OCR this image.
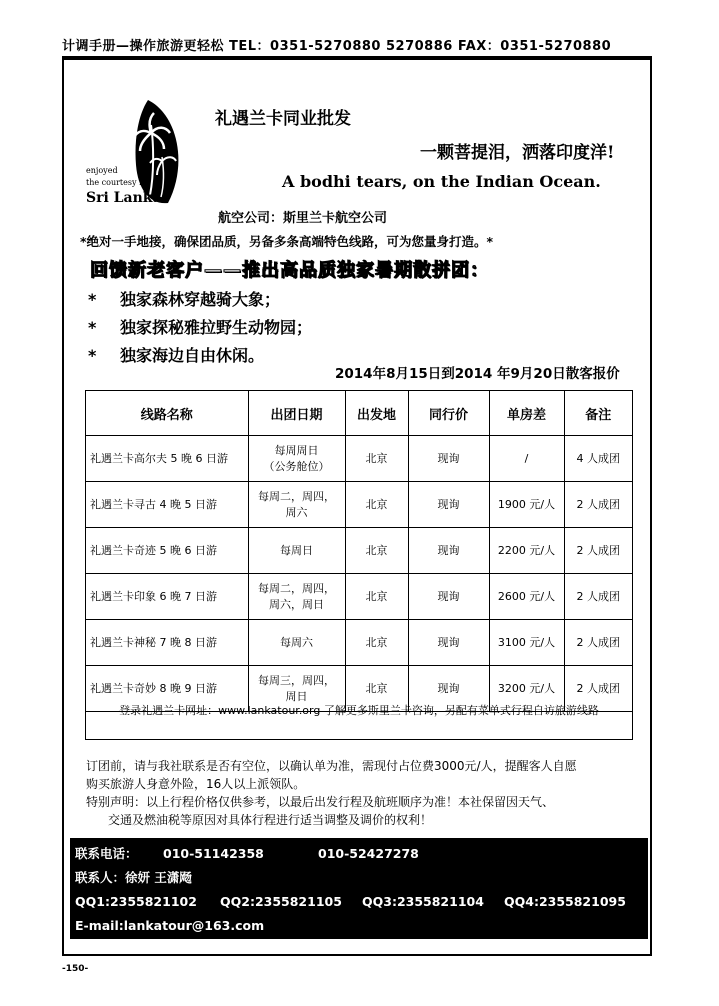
计调手册—操作旅游更轻松 TEL：0351-5270880 5270886 FAX：0351-5270880
enjoyed
the courtesy in
Sri Lanka
礼遇兰卡同业批发
一颗菩提泪，洒落印度洋!
A bodhi tears, on the Indian Ocean.
航空公司：斯里兰卡航空公司
*绝对一手地接，确保团品质，另备多条高端特色线路，可为您量身打造。*
回馈新老客户——推出高品质独家暑期散拼团：
* 独家森林穿越骑大象；
* 独家探秘雅拉野生动物园；
* 独家海边自由休闲。
2014年8月15日到2014 年9月20日散客报价
线路名称	出团日期	出发地	同行价	单房差	备注
礼遇兰卡高尔夫 5 晚 6 日游	每周周日
（公务舱位）	北京	现询	/	4 人成团
礼遇兰卡寻古 4 晚 5 日游	每周二，周四，
周六	北京	现询	1900 元/人	2 人成团
礼遇兰卡奇迹 5 晚 6 日游	每周日	北京	现询	2200 元/人	2 人成团
礼遇兰卡印象 6 晚 7 日游	每周二，周四，
周六，周日	北京	现询	2600 元/人	2 人成团
礼遇兰卡神秘 7 晚 8 日游	每周六	北京	现询	3100 元/人	2 人成团
礼遇兰卡奇妙 8 晚 9 日游	每周三，周四，
周日	北京	现询	3200 元/人	2 人成团
登录礼遇兰卡网址：www.lankatour.org 了解更多斯里兰卡咨询，另配有菜单式行程自访旅游线路
订团前，请与我社联系是否有空位，以确认单为准，需现付占位费3000元/人，提醒客人自愿
购买旅游人身意外险，16人以上派领队。
特别声明：以上行程价格仅供参考，以最后出发行程及航班顺序为准！本社保留因天气、
交通及燃油税等原因对具体行程进行适当调整及调价的权利！
联系电话： 010-51142358	010-52427278
联系人：徐妍 王潇飏
QQ1:2355821102 QQ2:2355821105 QQ3:2355821104 QQ4:2355821095
E-mail:lankatour@163.com
-150-
